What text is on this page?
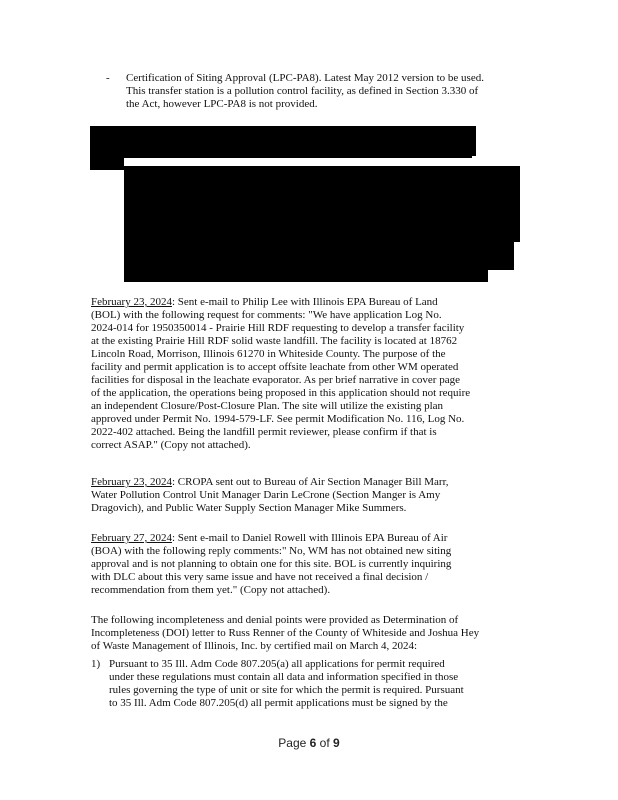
- Certification of Siting Approval (LPC-PA8). Latest May 2012 version to be used.
This transfer station is a pollution control facility, as defined in Section 3.330 of
the Act, however LPC-PA8 is not provided.
February 23, 2024: Sent e-mail to Philip Lee with Illinois EPA Bureau of Land
(BOL) with the following request for comments: "We have application Log No.
2024-014 for 1950350014 - Prairie Hill RDF requesting to develop a transfer facility
at the existing Prairie Hill RDF solid waste landfill. The facility is located at 18762
Lincoln Road, Morrison, Illinois 61270 in Whiteside County. The purpose of the
facility and permit application is to accept offsite leachate from other WM operated
facilities for disposal in the leachate evaporator. As per brief narrative in cover page
of the application, the operations being proposed in this application should not require
an independent Closure/Post-Closure Plan. The site will utilize the existing plan
approved under Permit No. 1994-579-LF. See permit Modification No. 116, Log No.
2022-402 attached. Being the landfill permit reviewer, please confirm if that is
correct ASAP." (Copy not attached).
February 23, 2024: CROPA sent out to Bureau of Air Section Manager Bill Marr,
Water Pollution Control Unit Manager Darin LeCrone (Section Manger is Amy
Dragovich), and Public Water Supply Section Manager Mike Summers.
February 27, 2024: Sent e-mail to Daniel Rowell with Illinois EPA Bureau of Air
(BOA) with the following reply comments:" No, WM has not obtained new siting
approval and is not planning to obtain one for this site. BOL is currently inquiring
with DLC about this very same issue and have not received a final decision /
recommendation from them yet." (Copy not attached).
The following incompleteness and denial points were provided as Determination of
Incompleteness (DOI) letter to Russ Renner of the County of Whiteside and Joshua Hey
of Waste Management of Illinois, Inc. by certified mail on March 4, 2024:
1) Pursuant to 35 Ill. Adm Code 807.205(a) all applications for permit required
under these regulations must contain all data and information specified in those
rules governing the type of unit or site for which the permit is required. Pursuant
to 35 Ill. Adm Code 807.205(d) all permit applications must be signed by the
Page 6 of 9
